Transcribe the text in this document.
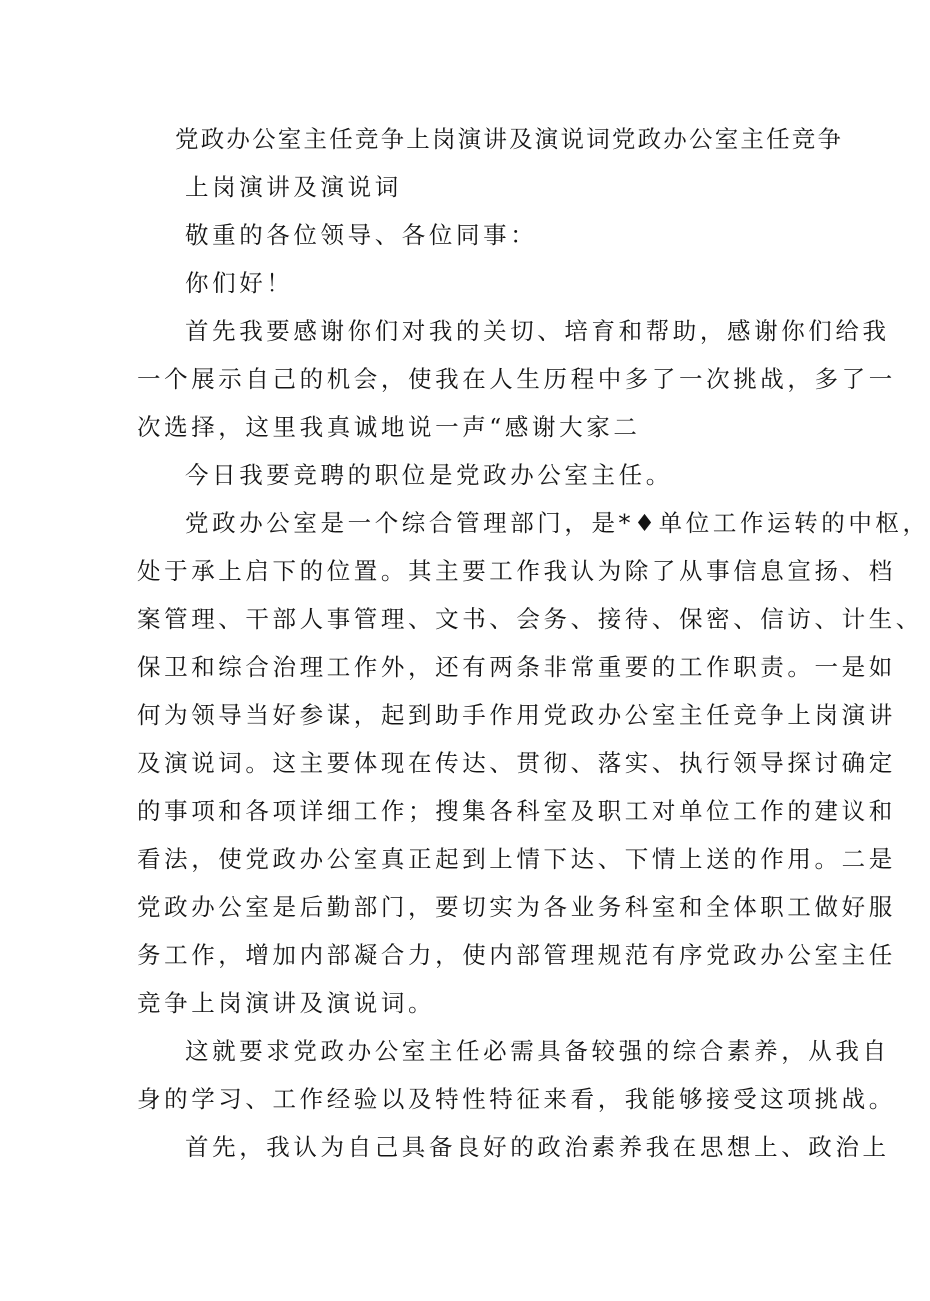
党政办公室主任竞争上岗演讲及演说词党政办公室主任竞争
上岗演讲及演说词
敬重的各位领导、各位同事：
你们好！
首先我要感谢你们对我的关切、培育和帮助，感谢你们给我
一个展示自己的机会，使我在人生历程中多了一次挑战，多了一
次选择，这里我真诚地说一声“感谢大家二
今日我要竞聘的职位是党政办公室主任。
党政办公室是一个综合管理部门，是*♦单位工作运转的中枢，
处于承上启下的位置。其主要工作我认为除了从事信息宣扬、档
案管理、干部人事管理、文书、会务、接待、保密、信访、计生、
保卫和综合治理工作外，还有两条非常重要的工作职责。一是如
何为领导当好参谋，起到助手作用党政办公室主任竞争上岗演讲
及演说词。这主要体现在传达、贯彻、落实、执行领导探讨确定
的事项和各项详细工作；搜集各科室及职工对单位工作的建议和
看法，使党政办公室真正起到上情下达、下情上送的作用。二是
党政办公室是后勤部门，要切实为各业务科室和全体职工做好服
务工作，增加内部凝合力，使内部管理规范有序党政办公室主任
竞争上岗演讲及演说词。
这就要求党政办公室主任必需具备较强的综合素养，从我自
身的学习、工作经验以及特性特征来看，我能够接受这项挑战。
首先，我认为自己具备良好的政治素养我在思想上、政治上
